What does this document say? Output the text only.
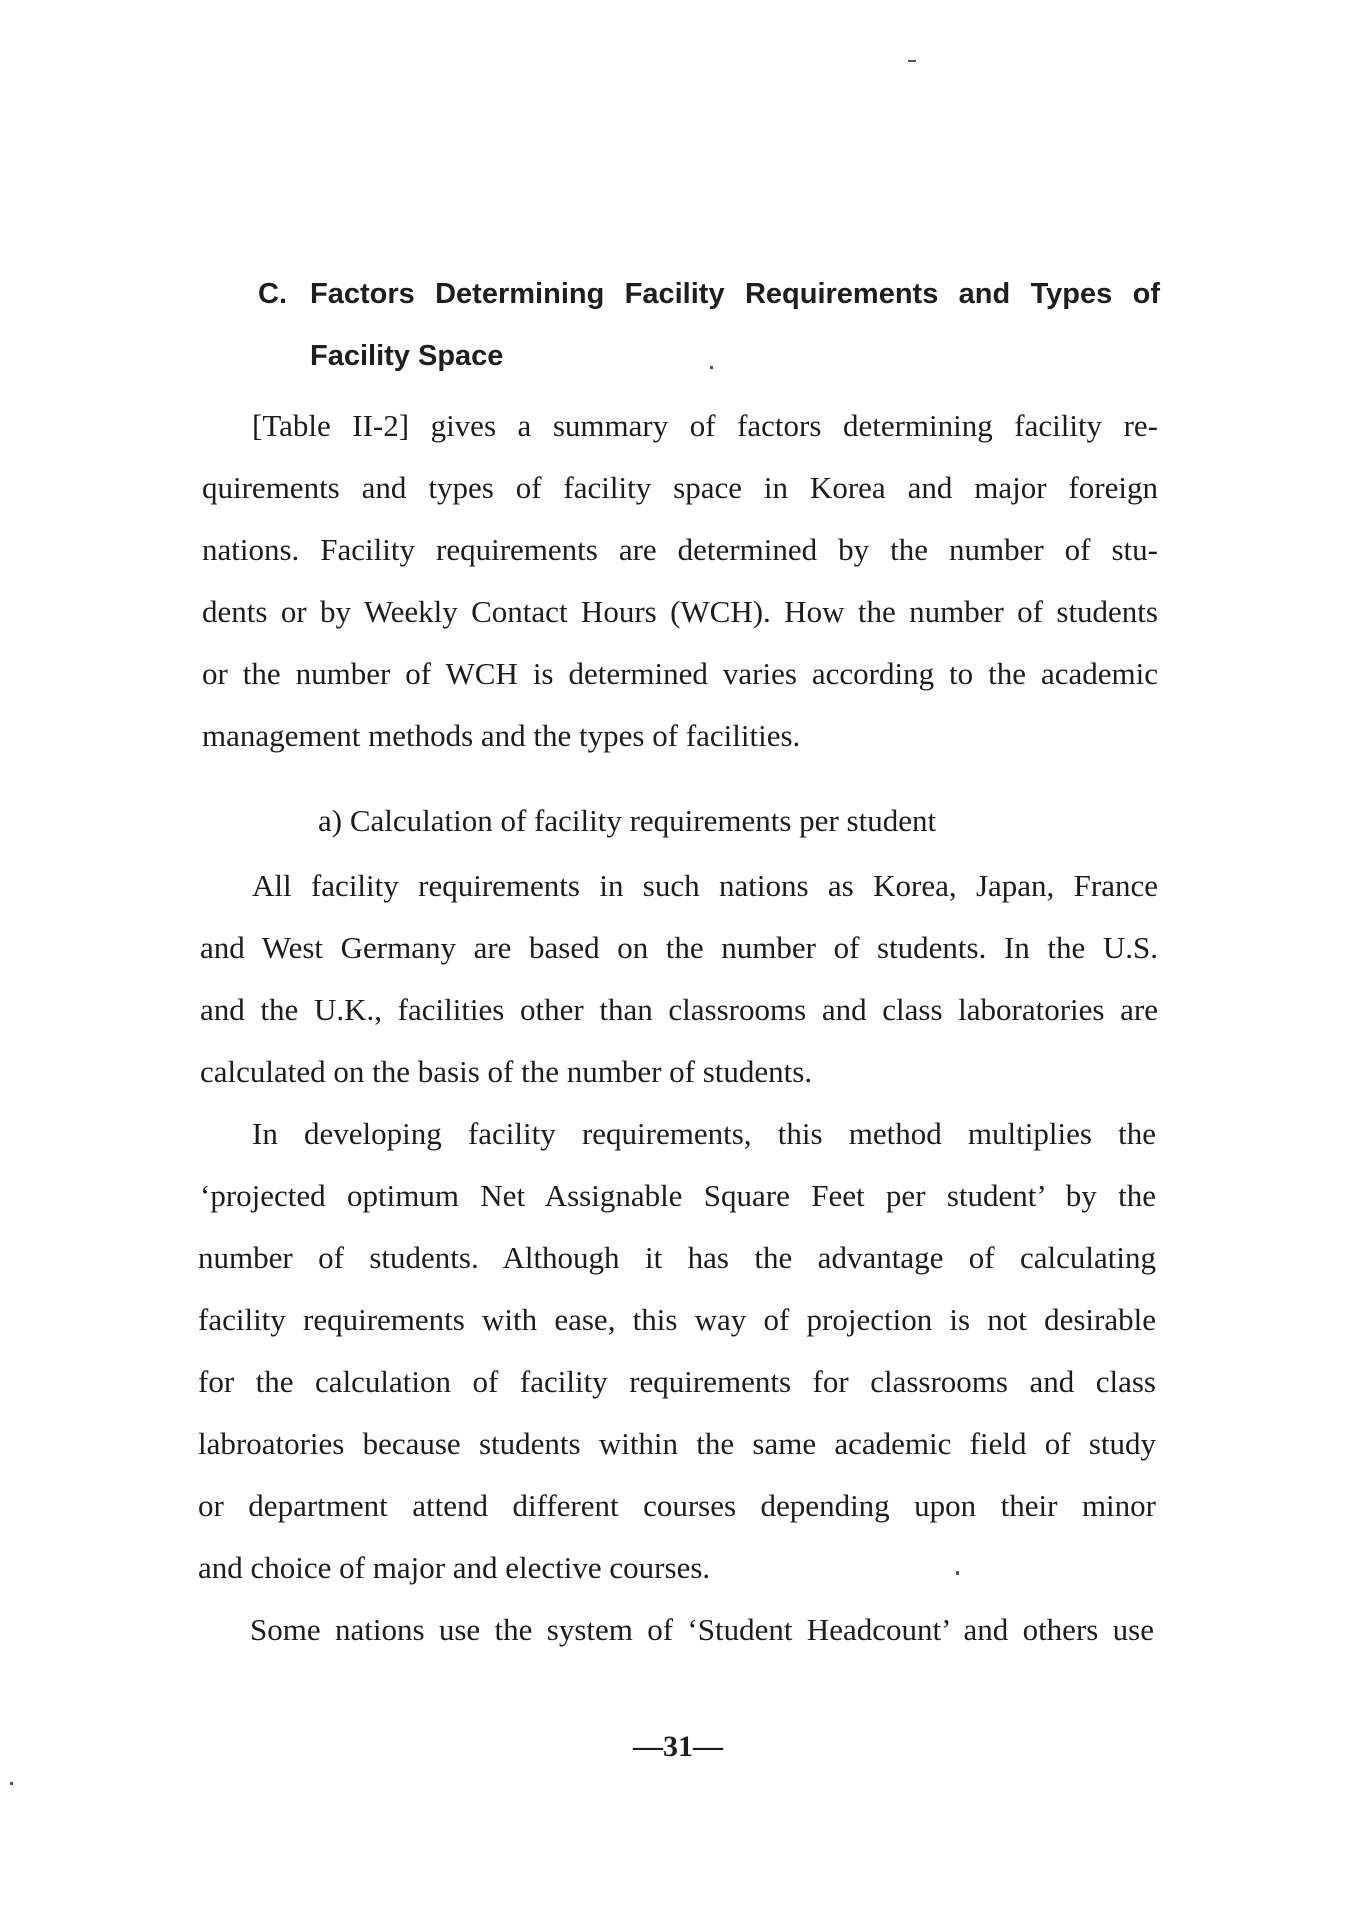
C. Factors Determining Facility Requirements and Types of
Facility Space
[Table II-2] gives a summary of factors determining facility re-
quirements and types of facility space in Korea and major foreign
nations. Facility requirements are determined by the number of stu-
dents or by Weekly Contact Hours (WCH). How the number of students
or the number of WCH is determined varies according to the academic
management methods and the types of facilities.
a) Calculation of facility requirements per student
All facility requirements in such nations as Korea, Japan, France
and West Germany are based on the number of students. In the U.S.
and the U.K., facilities other than classrooms and class laboratories are
calculated on the basis of the number of students.
In developing facility requirements, this method multiplies the
‘projected optimum Net Assignable Square Feet per student’ by the
number of students. Although it has the advantage of calculating
facility requirements with ease, this way of projection is not desirable
for the calculation of facility requirements for classrooms and class
labroatories because students within the same academic field of study
or department attend different courses depending upon their minor
and choice of major and elective courses.
Some nations use the system of ‘Student Headcount’ and others use
—31—
